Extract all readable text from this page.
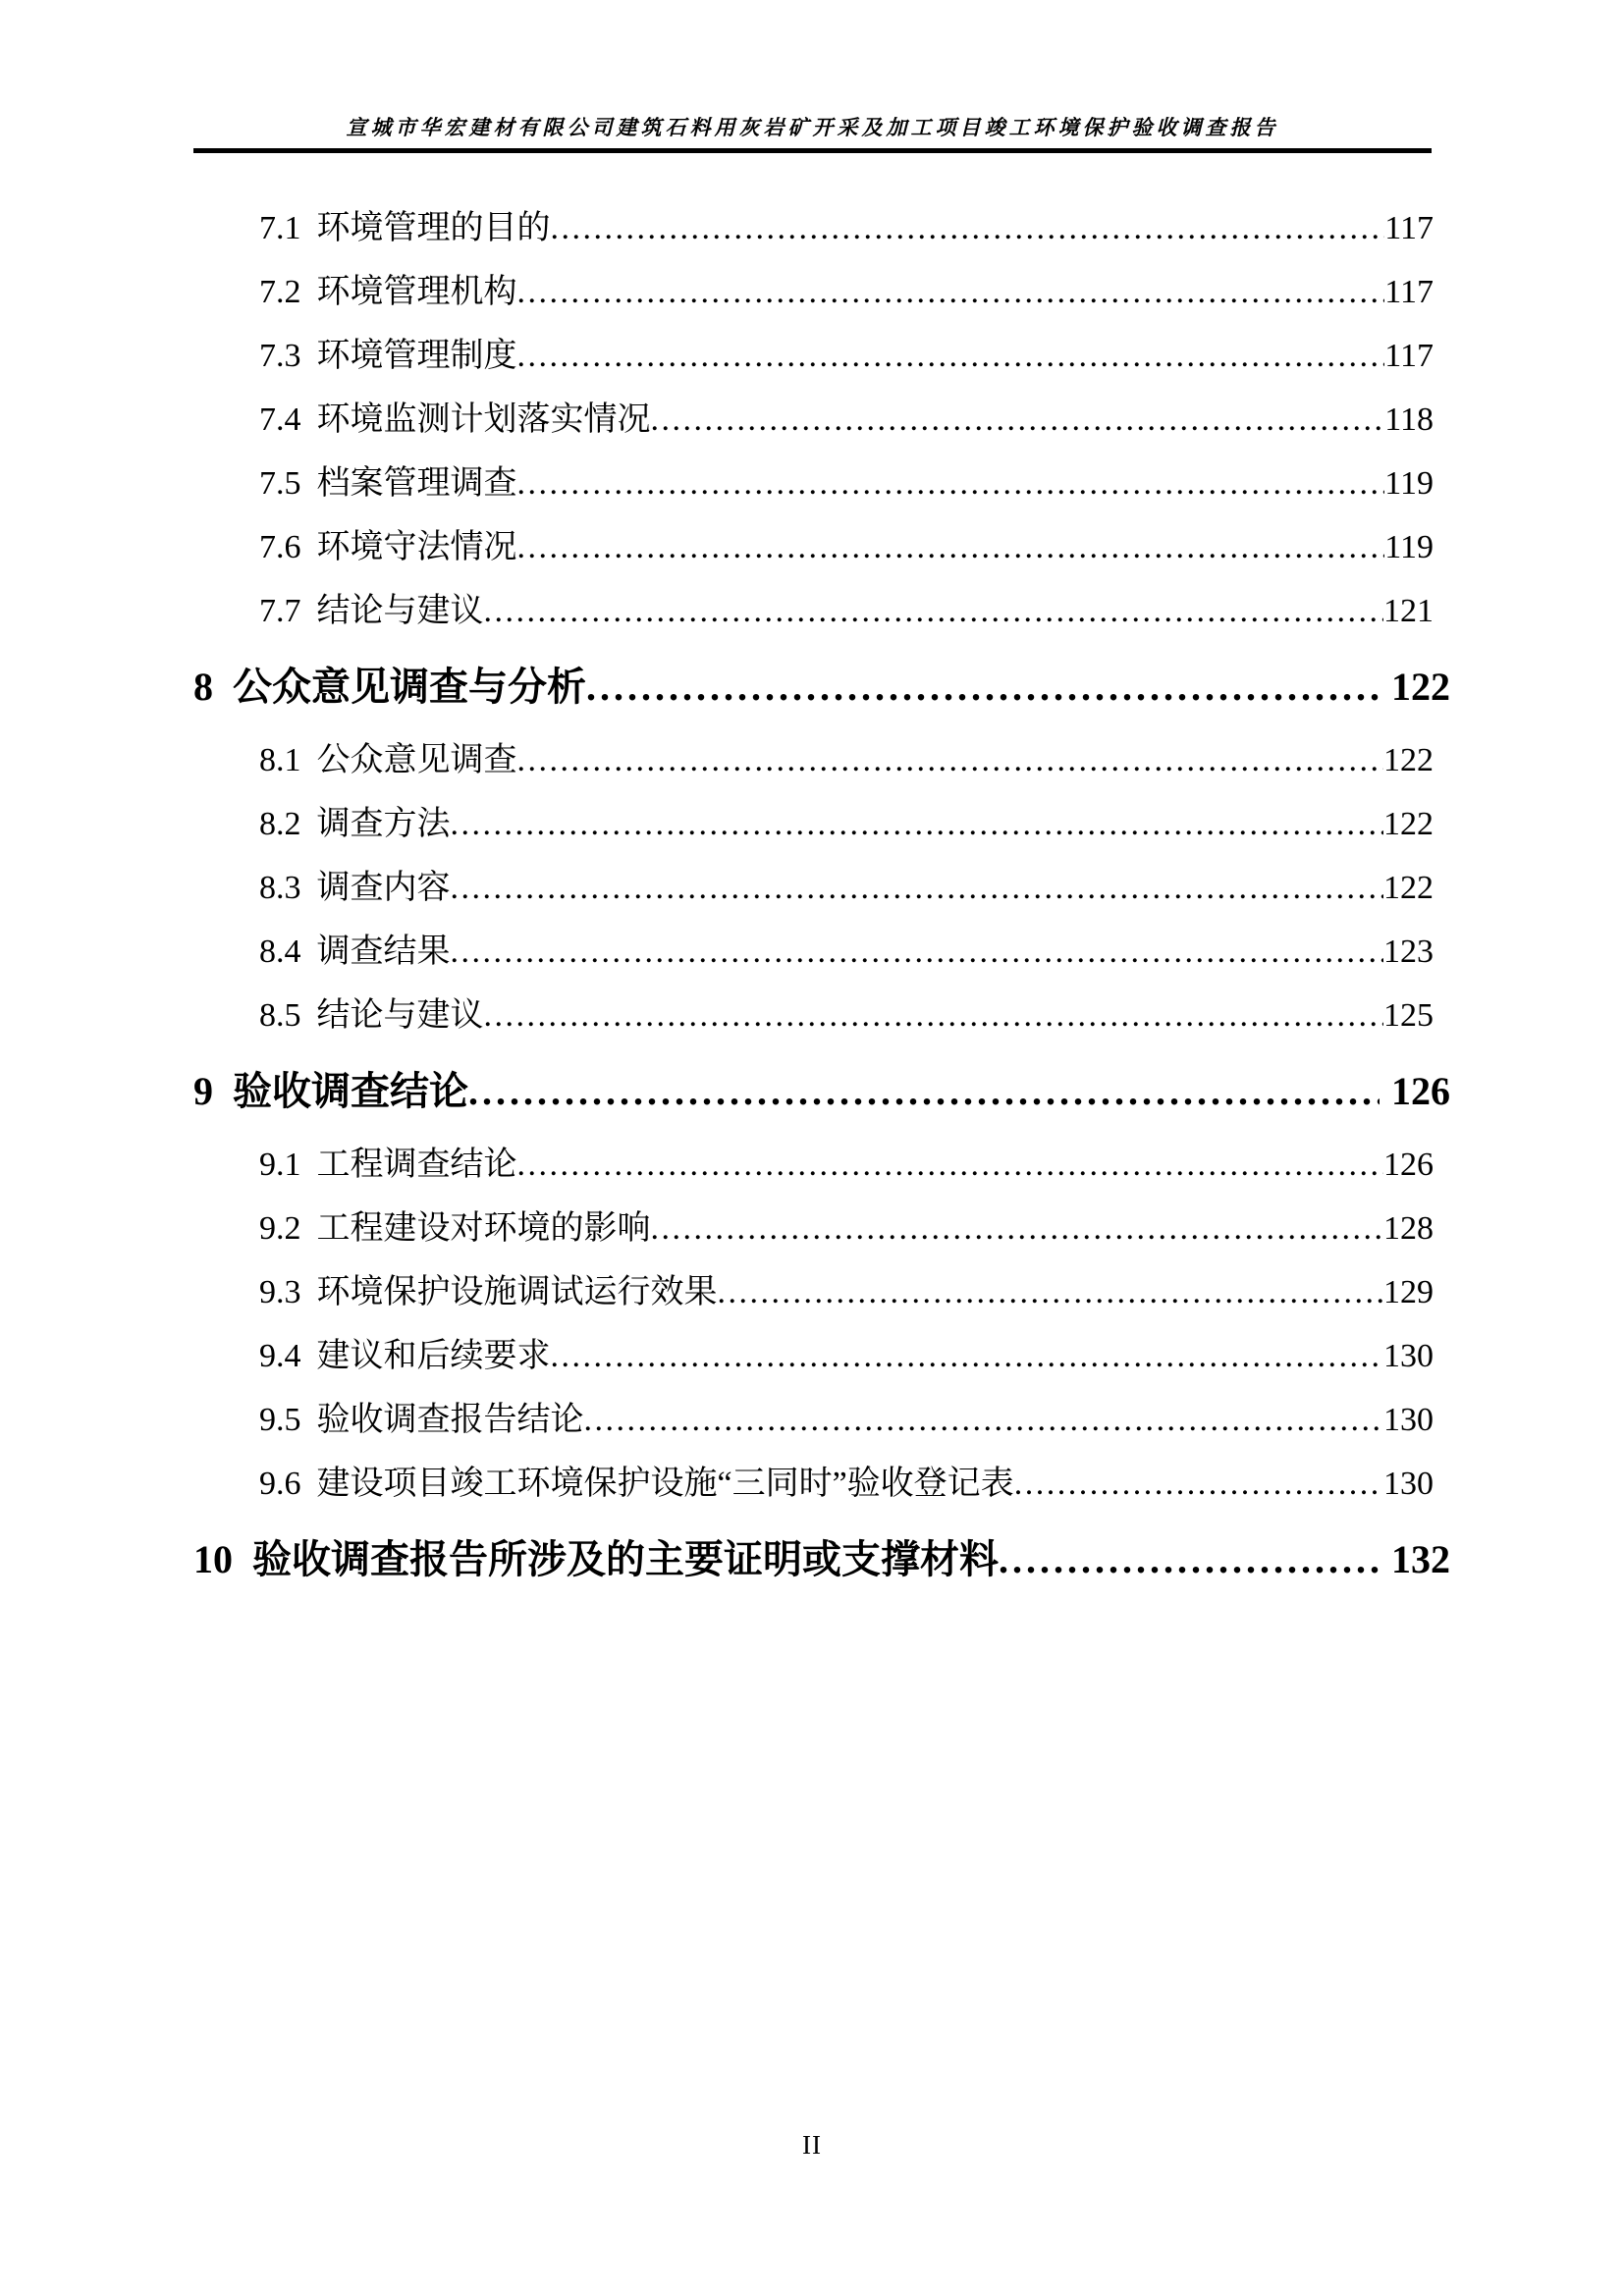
宣城市华宏建材有限公司建筑石料用灰岩矿开采及加工项目竣工环境保护验收调查报告
7.1 环境管理的目的 .....	117
7.2 环境管理机构 .....	117
7.3 环境管理制度 .....	117
7.4 环境监测计划落实情况 .....	118
7.5 档案管理调查 .....	119
7.6 环境守法情况 .....	119
7.7 结论与建议 .....	121
8 公众意见调查与分析 .....	122
8.1 公众意见调查 .....	122
8.2 调查方法 .....	122
8.3 调查内容 .....	122
8.4 调查结果 .....	123
8.5 结论与建议 .....	125
9 验收调查结论 .....	126
9.1 工程调查结论 .....	126
9.2 工程建设对环境的影响 .....	128
9.3 环境保护设施调试运行效果 .....	129
9.4 建议和后续要求 .....	130
9.5 验收调查报告结论 .....	130
9.6 建设项目竣工环境保护设施“三同时”验收登记表 .....	130
10 验收调查报告所涉及的主要证明或支撑材料 .....	132
II
